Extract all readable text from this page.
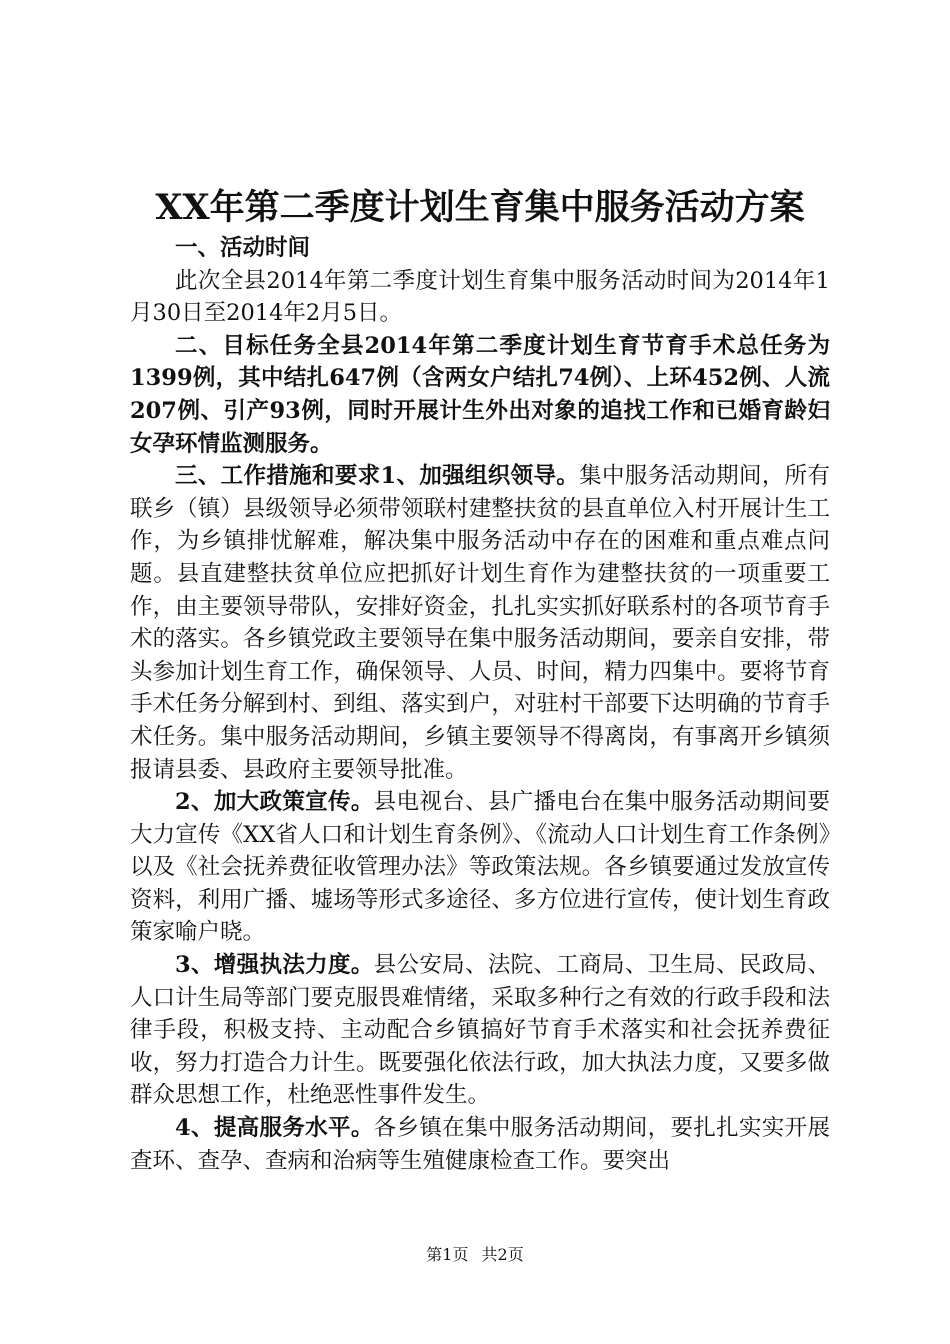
XX年第二季度计划生育集中服务活动方案

一、活动时间

此次全县2014年第二季度计划生育集中服务活动时间为2014年1月30日至2014年2月5日。

二、目标任务全县2014年第二季度计划生育节育手术总任务为1399例，其中结扎647例（含两女户结扎74例）、上环452例、人流207例、引产93例，同时开展计生外出对象的追找工作和已婚育龄妇女孕环情监测服务。

三、工作措施和要求1、加强组织领导。集中服务活动期间，所有联乡（镇）县级领导必须带领联村建整扶贫的县直单位入村开展计生工作，为乡镇排忧解难，解决集中服务活动中存在的困难和重点难点问题。县直建整扶贫单位应把抓好计划生育作为建整扶贫的一项重要工作，由主要领导带队，安排好资金，扎扎实实抓好联系村的各项节育手术的落实。各乡镇党政主要领导在集中服务活动期间，要亲自安排，带头参加计划生育工作，确保领导、人员、时间，精力四集中。要将节育手术任务分解到村、到组、落实到户，对驻村干部要下达明确的节育手术任务。集中服务活动期间，乡镇主要领导不得离岗，有事离开乡镇须报请县委、县政府主要领导批准。

2、加大政策宣传。县电视台、县广播电台在集中服务活动期间要大力宣传《XX省人口和计划生育条例》、《流动人口计划生育工作条例》以及《社会抚养费征收管理办法》等政策法规。各乡镇要通过发放宣传资料，利用广播、墟场等形式多途径、多方位进行宣传，使计划生育政策家喻户晓。

3、增强执法力度。县公安局、法院、工商局、卫生局、民政局、人口计生局等部门要克服畏难情绪，采取多种行之有效的行政手段和法律手段，积极支持、主动配合乡镇搞好节育手术落实和社会抚养费征收，努力打造合力计生。既要强化依法行政，加大执法力度，又要多做群众思想工作，杜绝恶性事件发生。

4、提高服务水平。各乡镇在集中服务活动期间，要扎扎实实开展查环、查孕、查病和治病等生殖健康检查工作。要突出

第1页 共2页
